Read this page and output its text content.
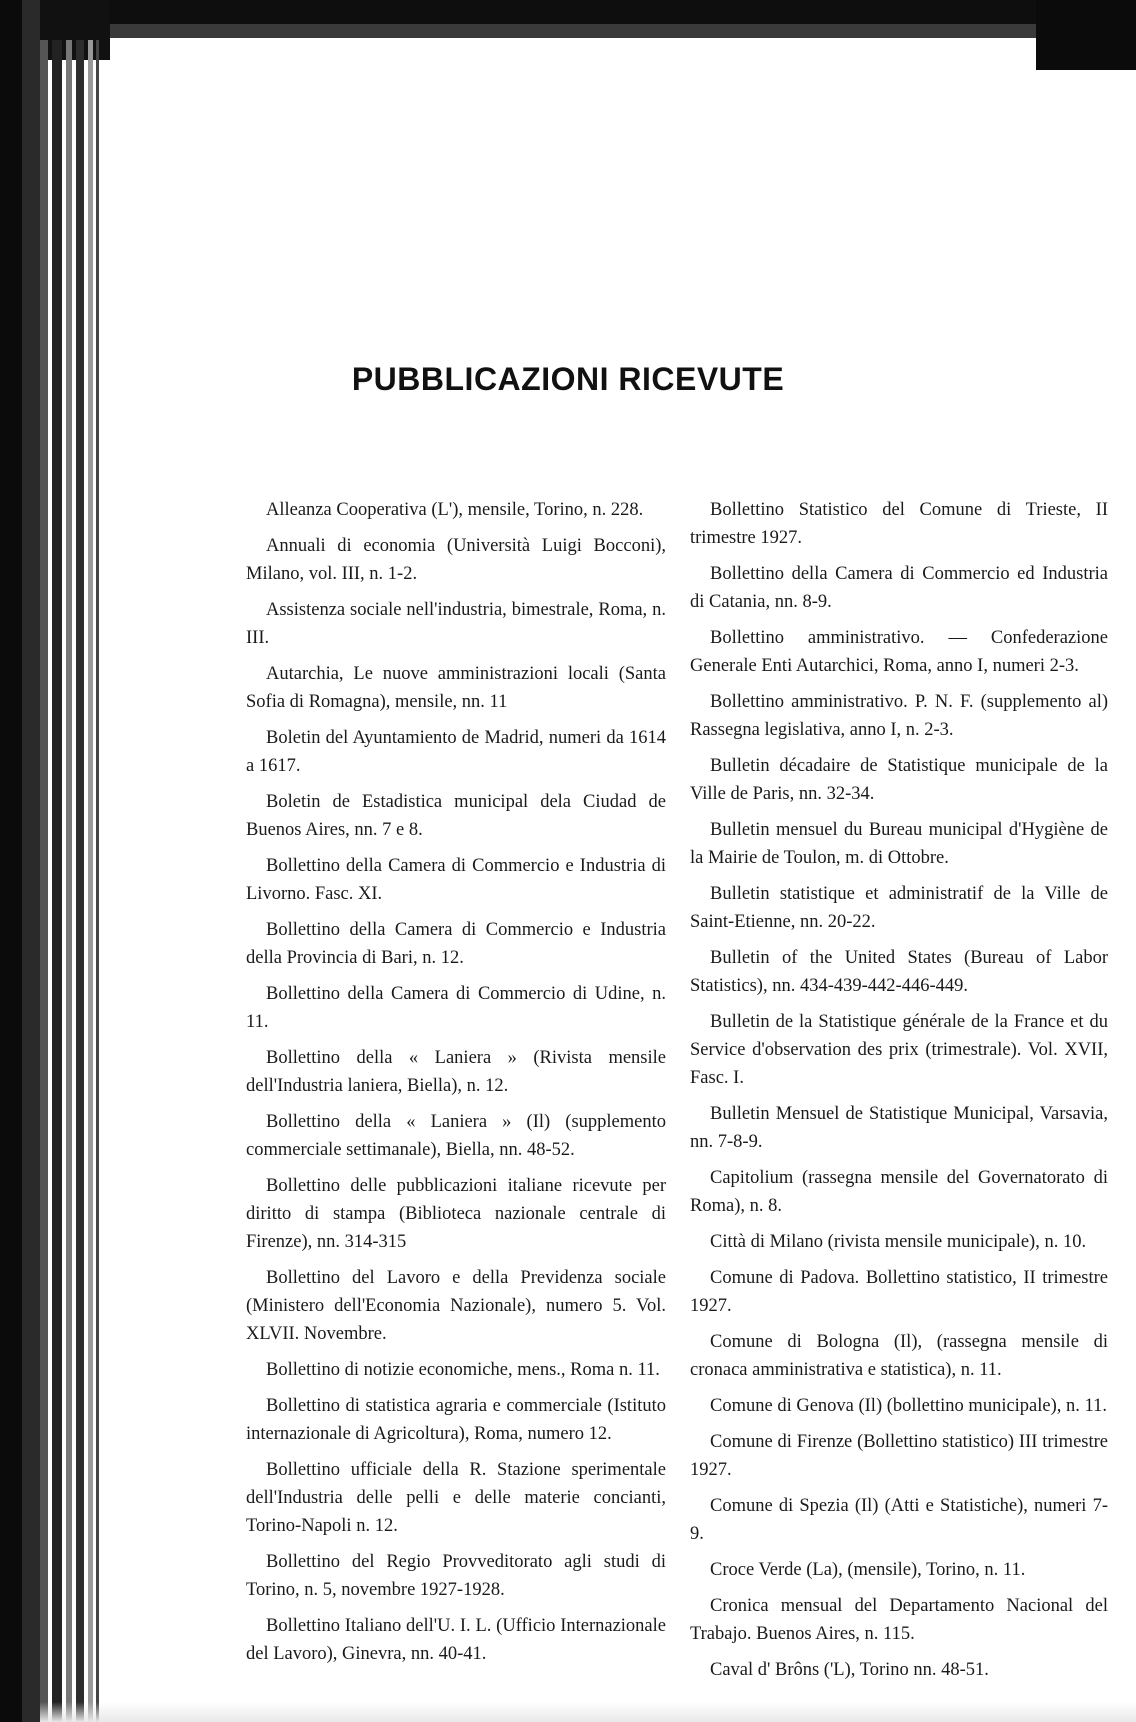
PUBBLICAZIONI RICEVUTE

Alleanza Cooperativa (L'), mensile, Torino, n. 228.

Annuali di economia (Università Luigi Bocconi), Milano, vol. III, n. 1-2.

Assistenza sociale nell'industria, bimestrale, Roma, n. III.

Autarchia, Le nuove amministrazioni locali (Santa Sofia di Romagna), mensile, nn. 11

Boletin del Ayuntamiento de Madrid, numeri da 1614 a 1617.

Boletin de Estadistica municipal dela Ciudad de Buenos Aires, nn. 7 e 8.

Bollettino della Camera di Commercio e Industria di Livorno. Fasc. XI.

Bollettino della Camera di Commercio e Industria della Provincia di Bari, n. 12.

Bollettino della Camera di Commercio di Udine, n. 11.

Bollettino della « Laniera » (Rivista mensile dell'Industria laniera, Biella), n. 12.

Bollettino della « Laniera » (Il) (supplemento commerciale settimanale), Biella, nn. 48-52.

Bollettino delle pubblicazioni italiane ricevute per diritto di stampa (Biblioteca nazionale centrale di Firenze), nn. 314-315

Bollettino del Lavoro e della Previdenza sociale (Ministero dell'Economia Nazionale), numero 5. Vol. XLVII. Novembre.

Bollettino di notizie economiche, mens., Roma n. 11.

Bollettino di statistica agraria e commerciale (Istituto internazionale di Agricoltura), Roma, numero 12.

Bollettino ufficiale della R. Stazione sperimentale dell'Industria delle pelli e delle materie concianti, Torino-Napoli n. 12.

Bollettino del Regio Provveditorato agli studi di Torino, n. 5, novembre 1927-1928.

Bollettino Italiano dell'U. I. L. (Ufficio Internazionale del Lavoro), Ginevra, nn. 40-41.

Bollettino Statistico del Comune di Trieste, II trimestre 1927.

Bollettino della Camera di Commercio ed Industria di Catania, nn. 8-9.

Bollettino amministrativo. — Confederazione Generale Enti Autarchici, Roma, anno I, numeri 2-3.

Bollettino amministrativo. P. N. F. (supplemento al) Rassegna legislativa, anno I, n. 2-3.

Bulletin décadaire de Statistique municipale de la Ville de Paris, nn. 32-34.

Bulletin mensuel du Bureau municipal d'Hygiène de la Mairie de Toulon, m. di Ottobre.

Bulletin statistique et administratif de la Ville de Saint-Etienne, nn. 20-22.

Bulletin of the United States (Bureau of Labor Statistics), nn. 434-439-442-446-449.

Bulletin de la Statistique générale de la France et du Service d'observation des prix (trimestrale). Vol. XVII, Fasc. I.

Bulletin Mensuel de Statistique Municipal, Varsavia, nn. 7-8-9.

Capitolium (rassegna mensile del Governatorato di Roma), n. 8.

Città di Milano (rivista mensile municipale), n. 10.

Comune di Padova. Bollettino statistico, II trimestre 1927.

Comune di Bologna (Il), (rassegna mensile di cronaca amministrativa e statistica), n. 11.

Comune di Genova (Il) (bollettino municipale), n. 11.

Comune di Firenze (Bollettino statistico) III trimestre 1927.

Comune di Spezia (Il) (Atti e Statistiche), numeri 7-9.

Croce Verde (La), (mensile), Torino, n. 11.

Cronica mensual del Departamento Nacional del Trabajo. Buenos Aires, n. 115.

Caval d' Brôns ('L), Torino nn. 48-51.
